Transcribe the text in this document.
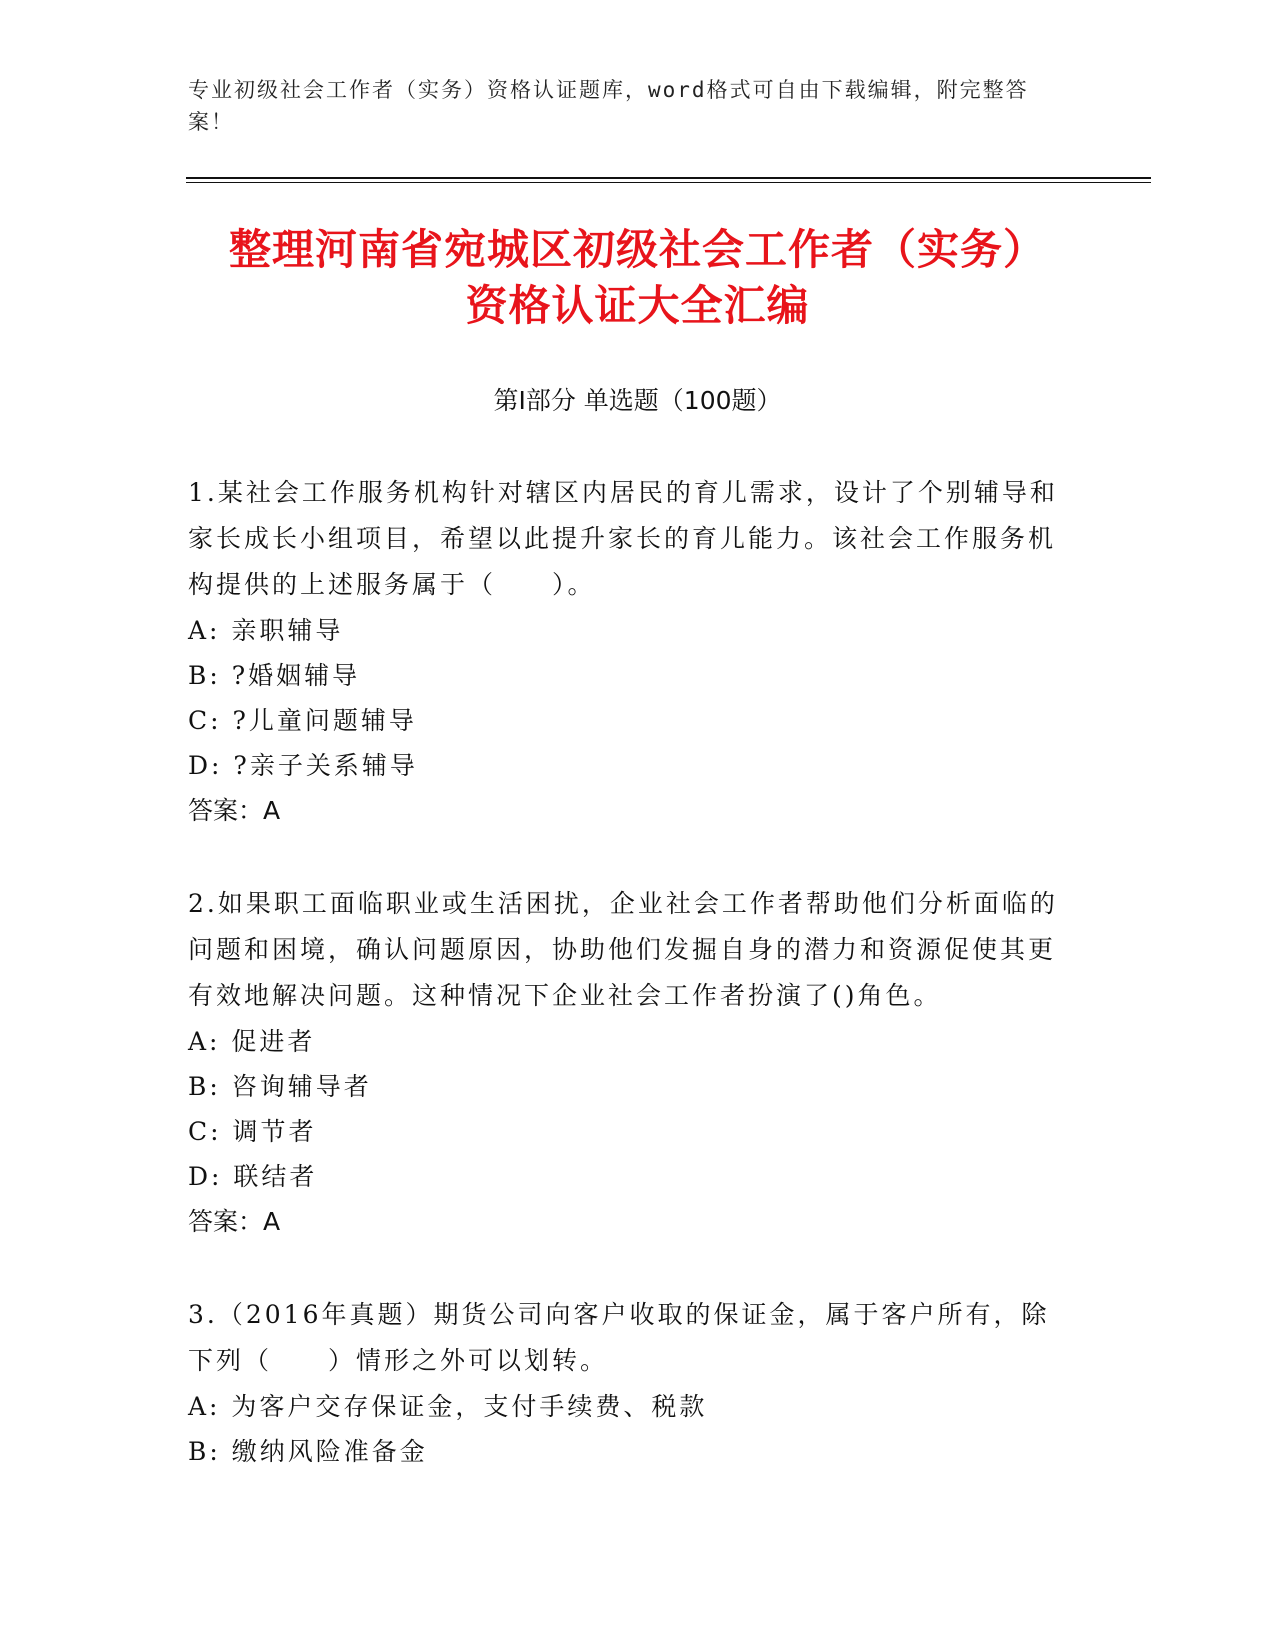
专业初级社会工作者（实务）资格认证题库，word格式可自由下载编辑，附完整答案！
整理河南省宛城区初级社会工作者（实务）
资格认证大全汇编
第I部分 单选题（100题）
1.某社会工作服务机构针对辖区内居民的育儿需求，设计了个别辅导和家长成长小组项目，希望以此提升家长的育儿能力。该社会工作服务机构提供的上述服务属于（　　）。
A: 亲职辅导
B: ?婚姻辅导
C: ?儿童问题辅导
D: ?亲子关系辅导
答案：A
2.如果职工面临职业或生活困扰，企业社会工作者帮助他们分析面临的问题和困境，确认问题原因，协助他们发掘自身的潜力和资源促使其更有效地解决问题。这种情况下企业社会工作者扮演了()角色。
A: 促进者
B: 咨询辅导者
C: 调节者
D: 联结者
答案：A
3.（2016年真题）期货公司向客户收取的保证金，属于客户所有，除下列（　　）情形之外可以划转。
A: 为客户交存保证金，支付手续费、税款
B: 缴纳风险准备金
